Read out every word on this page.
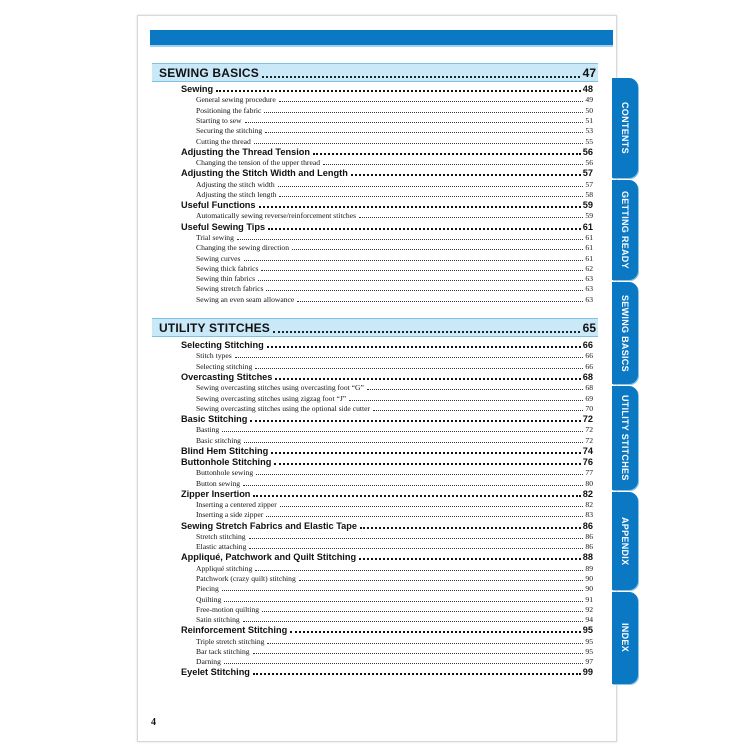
SEWING BASICS	47
Sewing	48
General sewing procedure	49
Positioning the fabric	50
Starting to sew	51
Securing the stitching	53
Cutting the thread	55
Adjusting the Thread Tension	56
Changing the tension of the upper thread	56
Adjusting the Stitch Width and Length	57
Adjusting the stitch width	57
Adjusting the stitch length	58
Useful Functions	59
Automatically sewing reverse/reinforcement stitches	59
Useful Sewing Tips	61
Trial sewing	61
Changing the sewing direction	61
Sewing curves	61
Sewing thick fabrics	62
Sewing thin fabrics	63
Sewing stretch fabrics	63
Sewing an even seam allowance	63
UTILITY STITCHES	65
Selecting Stitching	66
Stitch types	66
Selecting stitching	66
Overcasting Stitches	68
Sewing overcasting stitches using overcasting foot “G”	68
Sewing overcasting stitches using zigzag foot “J”	69
Sewing overcasting stitches using the optional side cutter	70
Basic Stitching	72
Basting	72
Basic stitching	72
Blind Hem Stitching	74
Buttonhole Stitching	76
Buttonhole sewing	77
Button sewing	80
Zipper Insertion	82
Inserting a centered zipper	82
Inserting a side zipper	83
Sewing Stretch Fabrics and Elastic Tape	86
Stretch stitching	86
Elastic attaching	86
Appliqué, Patchwork and Quilt Stitching	88
Appliqué stitching	89
Patchwork (crazy quilt) stitching	90
Piecing	90
Quilting	91
Free-motion quilting	92
Satin stitching	94
Reinforcement Stitching	95
Triple stretch stitching	95
Bar tack stitching	95
Darning	97
Eyelet Stitching	99
CONTENTS
GETTING READY
SEWING BASICS
UTILITY STITCHES
APPENDIX
INDEX
4
